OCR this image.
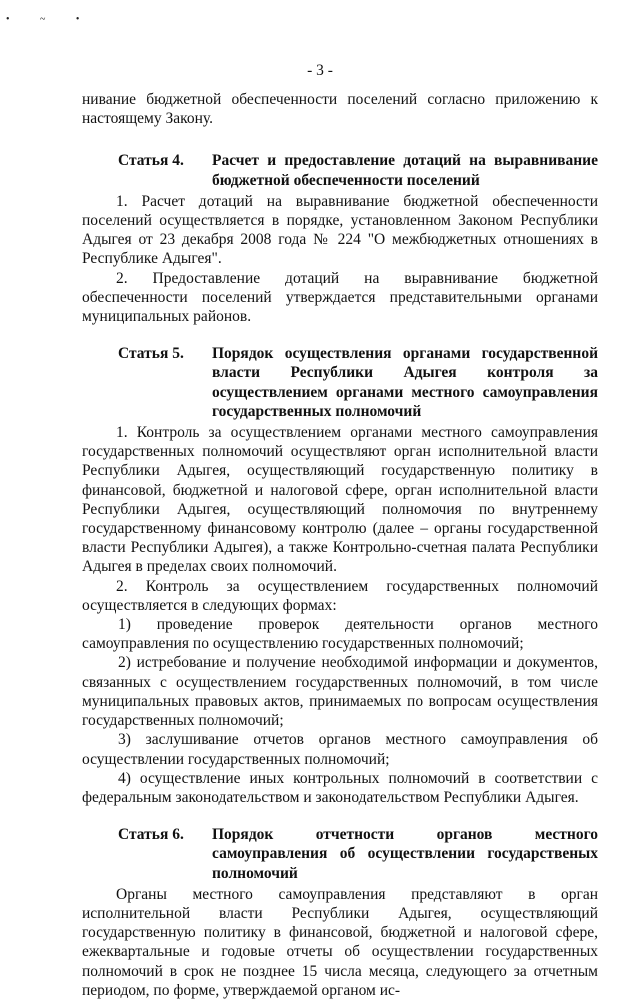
• ~ •
- 3 -

нивание бюджетной обеспеченности поселений согласно приложению к настоящему Закону.

Статья 4.	Расчет и предоставление дотаций на выравнивание бюджетной обеспеченности поселений

1. Расчет дотаций на выравнивание бюджетной обеспеченности поселений осуществляется в порядке, установленном Законом Республики Адыгея от 23 декабря 2008 года № 224 "О межбюджетных отношениях в Республике Адыгея".

2. Предоставление дотаций на выравнивание бюджетной обеспеченности поселений утверждается представительными органами муниципальных районов.

Статья 5.	Порядок осуществления органами государственной власти Республики Адыгея контроля за осуществлением органами местного самоуправления государственных полномочий

1. Контроль за осуществлением органами местного самоуправления государственных полномочий осуществляют орган исполнительной власти Республики Адыгея, осуществляющий государственную политику в финансовой, бюджетной и налоговой сфере, орган исполнительной власти Республики Адыгея, осуществляющий полномочия по внутреннему государственному финансовому контролю (далее – органы государственной власти Республики Адыгея), а также Контрольно-счетная палата Республики Адыгея в пределах своих полномочий.

2. Контроль за осуществлением государственных полномочий осуществляется в следующих формах:

1) проведение проверок деятельности органов местного самоуправления по осуществлению государственных полномочий;

2) истребование и получение необходимой информации и документов, связанных с осуществлением государственных полномочий, в том числе муниципальных правовых актов, принимаемых по вопросам осуществления государственных полномочий;

3) заслушивание отчетов органов местного самоуправления об осуществлении государственных полномочий;

4) осуществление иных контрольных полномочий в соответствии с федеральным законодательством и законодательством Республики Адыгея.

Статья 6.	Порядок отчетности органов местного самоуправления об осуществлении государственых полномочий

Органы местного самоуправления представляют в орган исполнительной власти Республики Адыгея, осуществляющий государственную политику в финансовой, бюджетной и налоговой сфере, ежеквартальные и годовые отчеты об осуществлении государственных полномочий в срок не позднее 15 числа месяца, следующего за отчетным периодом, по форме, утверждаемой органом ис-
